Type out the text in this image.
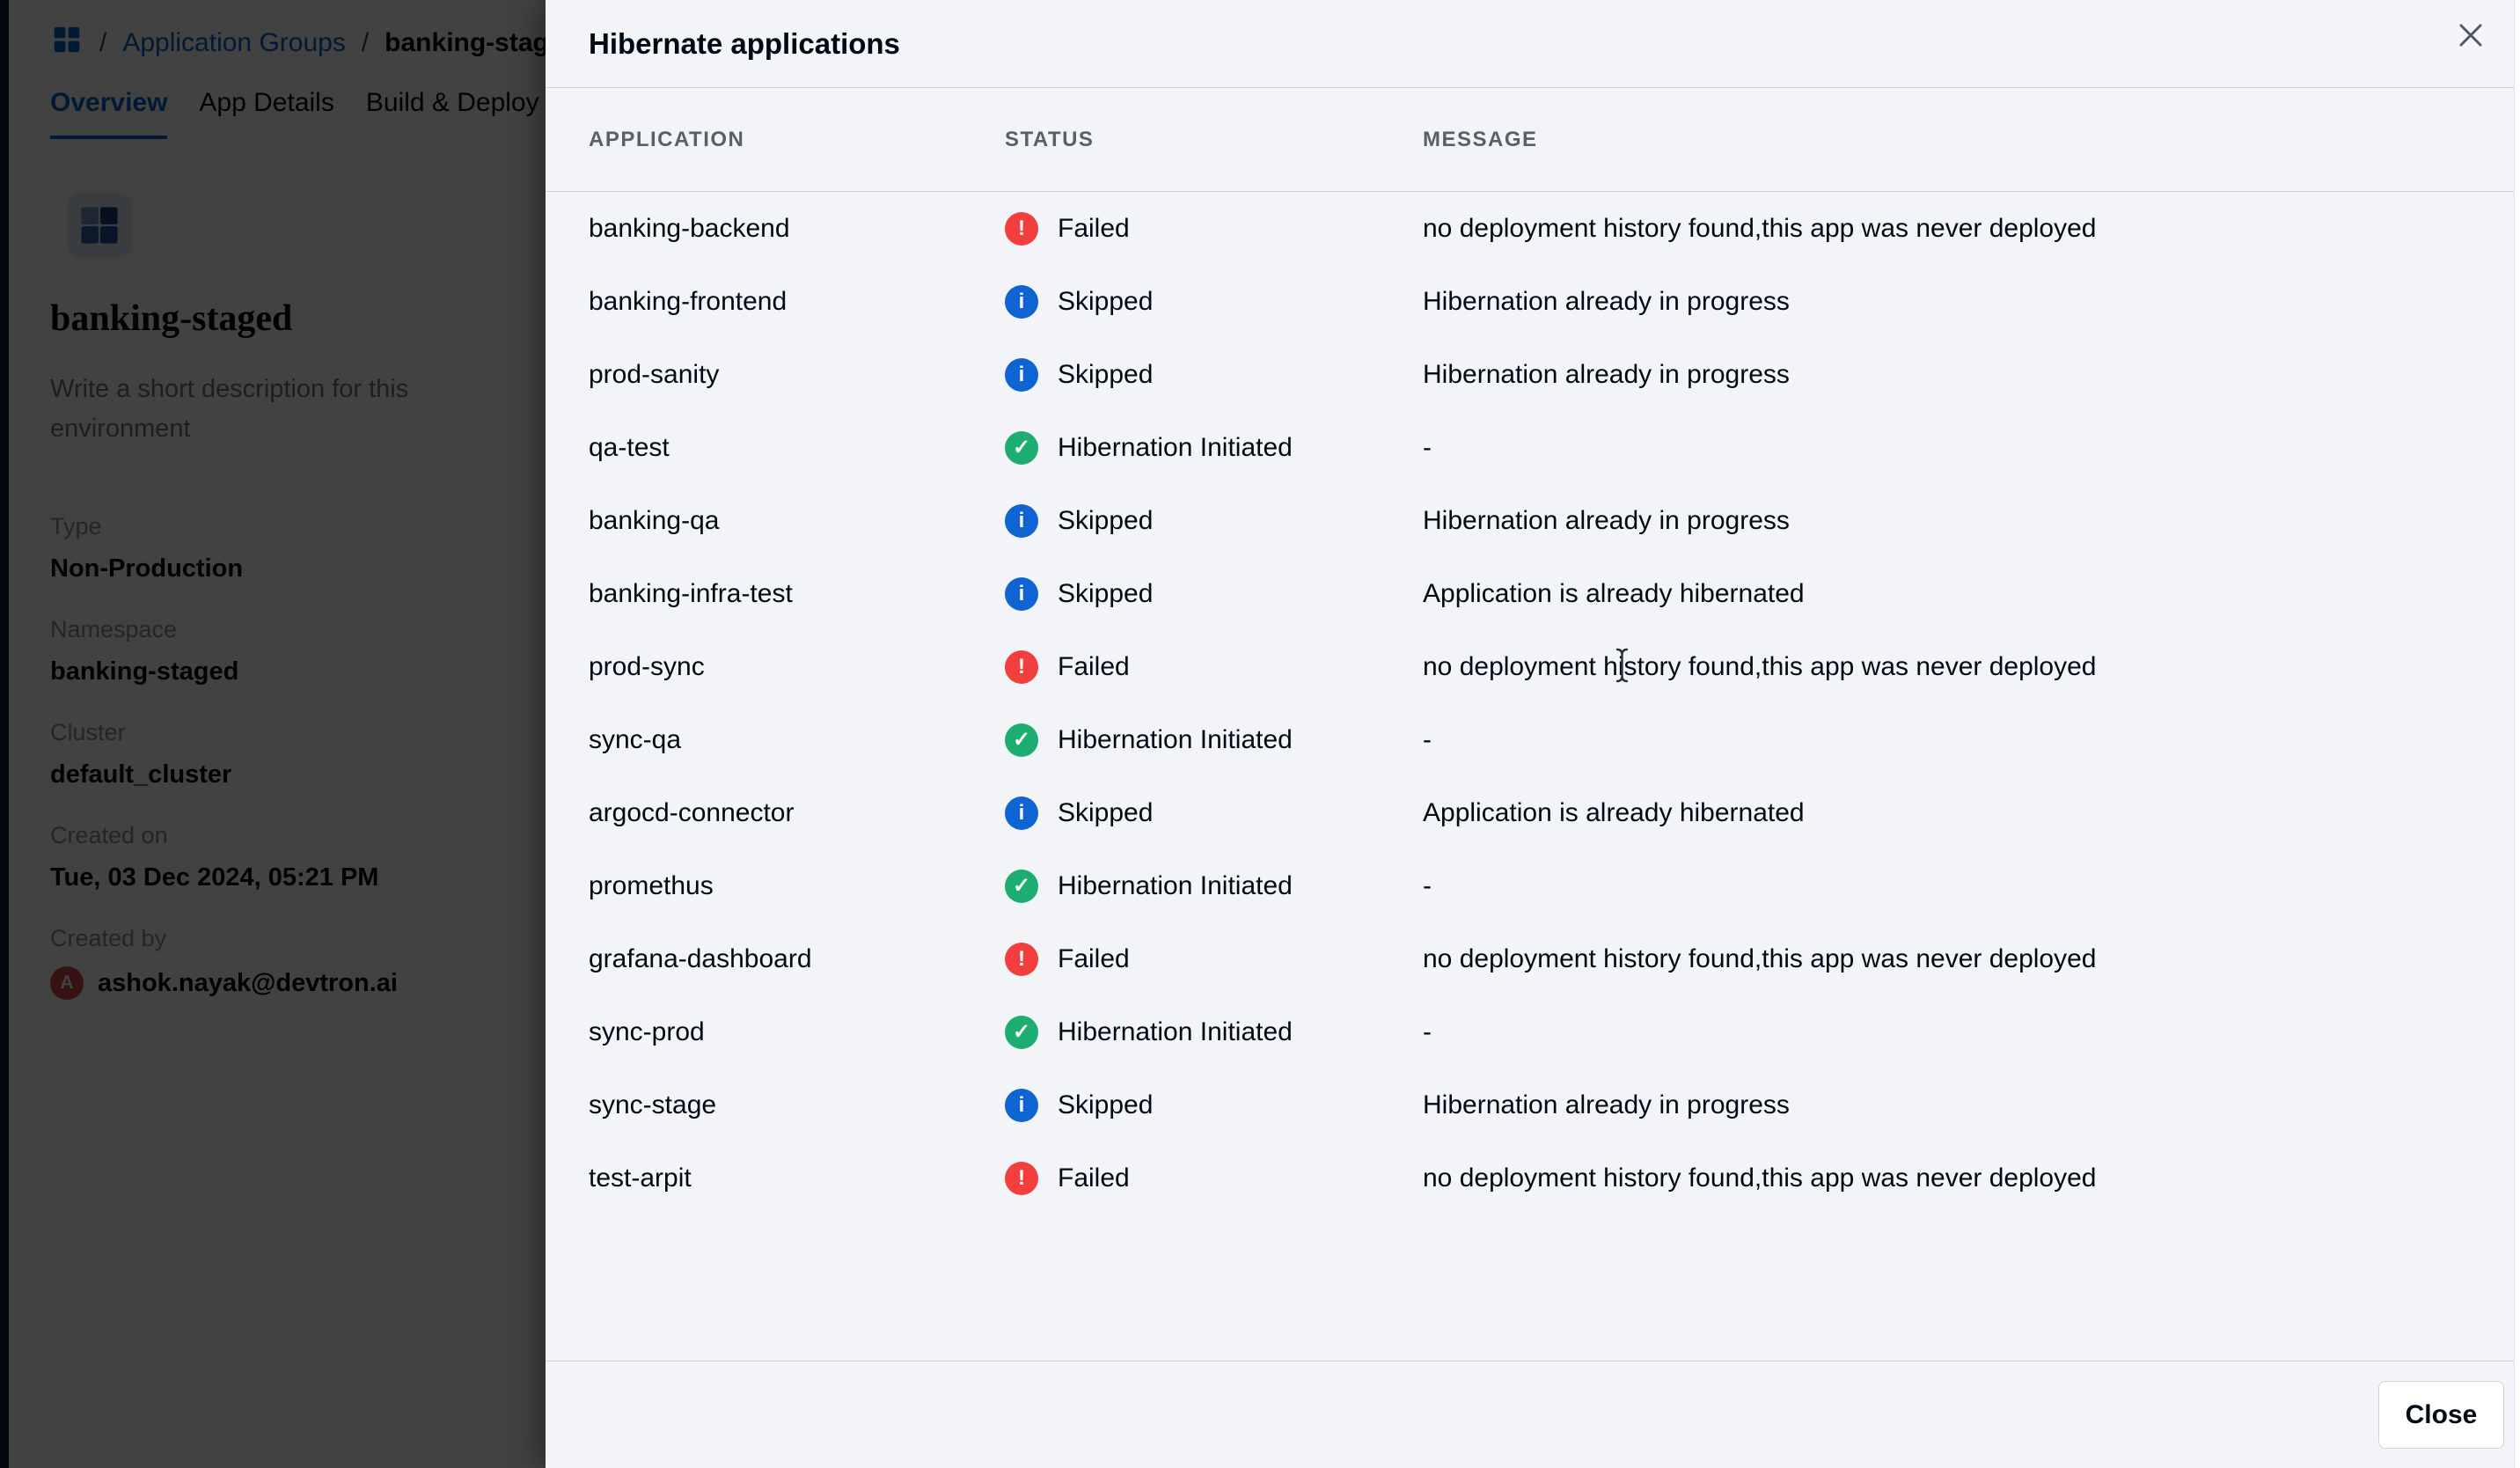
Hibernate applications
APPLICATION	STATUS	MESSAGE
banking-backend	!	Failed	no deployment history found,this app was never deployed
banking-frontend	i	Skipped	Hibernation already in progress
prod-sanity	i	Skipped	Hibernation already in progress
qa-test	✓ Hibernation Initiated	-
banking-qa	i	Skipped	Hibernation already in progress
banking-infra-test	i	Skipped	Application is already hibernated
prod-sync	!	Failed	no deployment history found,this app was never deployed
sync-qa	✓ Hibernation Initiated	-
argocd-connector	i	Skipped	Application is already hibernated
promethus	✓ Hibernation Initiated	-
grafana-dashboard	!	Failed	no deployment history found,this app was never deployed
sync-prod	✓ Hibernation Initiated	-
sync-stage	i	Skipped	Hibernation already in progress
test-arpit	!	Failed	no deployment history found,this app was never deployed
Close
